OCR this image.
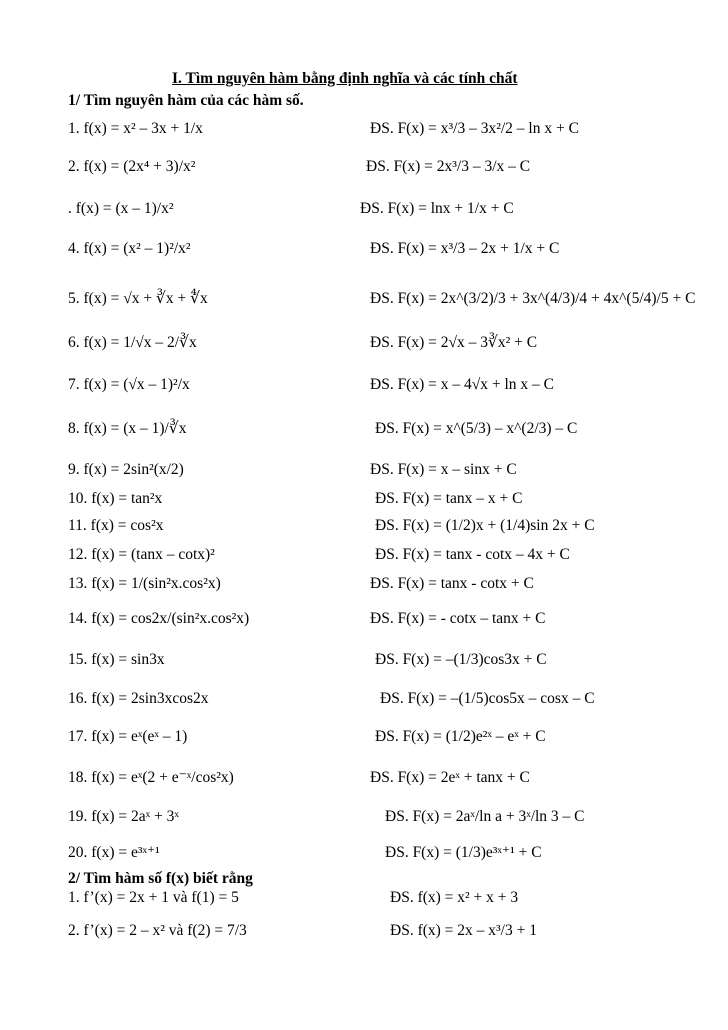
I. Tìm nguyên hàm bằng định nghĩa và các tính chất
1/ Tìm nguyên hàm của các hàm số.
1. f(x) = x² – 3x + 1/x	ĐS. F(x) = x³/3 – 3x²/2 – ln x + C
2. f(x) = (2x⁴ + 3)/x²	ĐS. F(x) = 2x³/3 – 3/x – C
. f(x) = (x – 1)/x²	ĐS. F(x) = lnx + 1/x + C
4. f(x) = (x² – 1)²/x²	ĐS. F(x) = x³/3 – 2x + 1/x + C
5. f(x) = √x + ∛x + ∜x	ĐS. F(x) = 2x^(3/2)/3 + 3x^(4/3)/4 + 4x^(5/4)/5 + C
6. f(x) = 1/√x – 2/∛x	ĐS. F(x) = 2√x – 3∛x² + C
7. f(x) = (√x – 1)²/x	ĐS. F(x) = x – 4√x + ln x – C
8. f(x) = (x – 1)/∛x	ĐS. F(x) = x^(5/3) – x^(2/3) – C
9. f(x) = 2sin²(x/2)	ĐS. F(x) = x – sinx + C
10. f(x) = tan²x	ĐS. F(x) = tanx – x + C
11. f(x) = cos²x	ĐS. F(x) = (1/2)x + (1/4)sin 2x + C
12. f(x) = (tanx – cotx)²	ĐS. F(x) = tanx - cotx – 4x + C
13. f(x) = 1/(sin²x.cos²x)	ĐS. F(x) = tanx - cotx + C
14. f(x) = cos2x/(sin²x.cos²x)	ĐS. F(x) = - cotx – tanx + C
15. f(x) = sin3x	ĐS. F(x) = –(1/3)cos3x + C
16. f(x) = 2sin3xcos2x	ĐS. F(x) = –(1/5)cos5x – cosx – C
17. f(x) = eˣ(eˣ – 1)	ĐS. F(x) = (1/2)e²ˣ – eˣ + C
18. f(x) = eˣ(2 + e⁻ˣ/cos²x)	ĐS. F(x) = 2eˣ + tanx + C
19. f(x) = 2aˣ + 3ˣ	ĐS. F(x) = 2aˣ/ln a + 3ˣ/ln 3 – C
20. f(x) = e³ˣ⁺¹	ĐS. F(x) = (1/3)e³ˣ⁺¹ + C
2/ Tìm hàm số f(x) biết rằng
1. f’(x) = 2x + 1 và f(1) = 5	ĐS. f(x) = x² + x + 3
2. f’(x) = 2 – x² và f(2) = 7/3	ĐS. f(x) = 2x – x³/3 + 1
